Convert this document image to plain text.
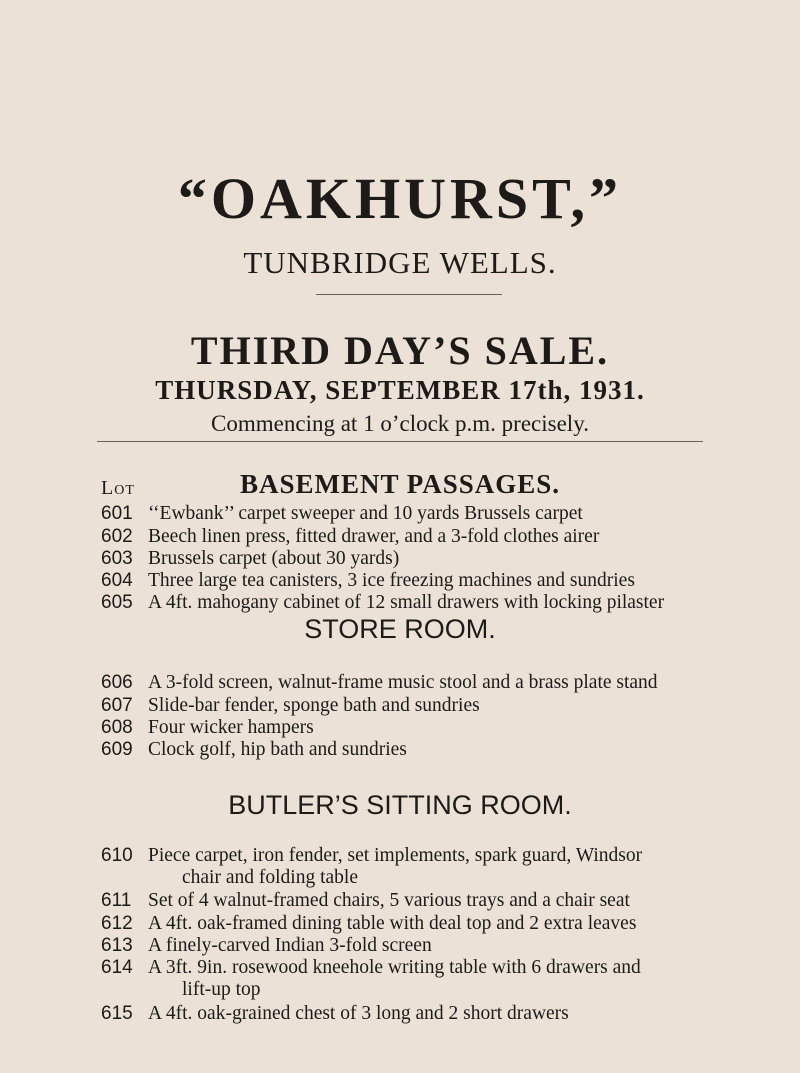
“OAKHURST,”
TUNBRIDGE WELLS.
THIRD DAY’S SALE.
THURSDAY, SEPTEMBER 17th, 1931.
Commencing at 1 o’clock p.m. precisely.
Lot	BASEMENT PASSAGES.
601 ‘‘Ewbank’’ carpet sweeper and 10 yards Brussels carpet
602 Beech linen press, fitted drawer, and a 3-fold clothes airer
603 Brussels carpet (about 30 yards)
604 Three large tea canisters, 3 ice freezing machines and sundries
605 A 4ft. mahogany cabinet of 12 small drawers with locking pilaster
STORE ROOM.
606 A 3-fold screen, walnut-frame music stool and a brass plate stand
607 Slide-bar fender, sponge bath and sundries
608 Four wicker hampers
609 Clock golf, hip bath and sundries
BUTLER’S SITTING ROOM.
610 Piece carpet, iron fender, set implements, spark guard, Windsor
chair and folding table
611 Set of 4 walnut-framed chairs, 5 various trays and a chair seat
612 A 4ft. oak-framed dining table with deal top and 2 extra leaves
613 A finely-carved Indian 3-fold screen
614 A 3ft. 9in. rosewood kneehole writing table with 6 drawers and
lift-up top
615 A 4ft. oak-grained chest of 3 long and 2 short drawers
